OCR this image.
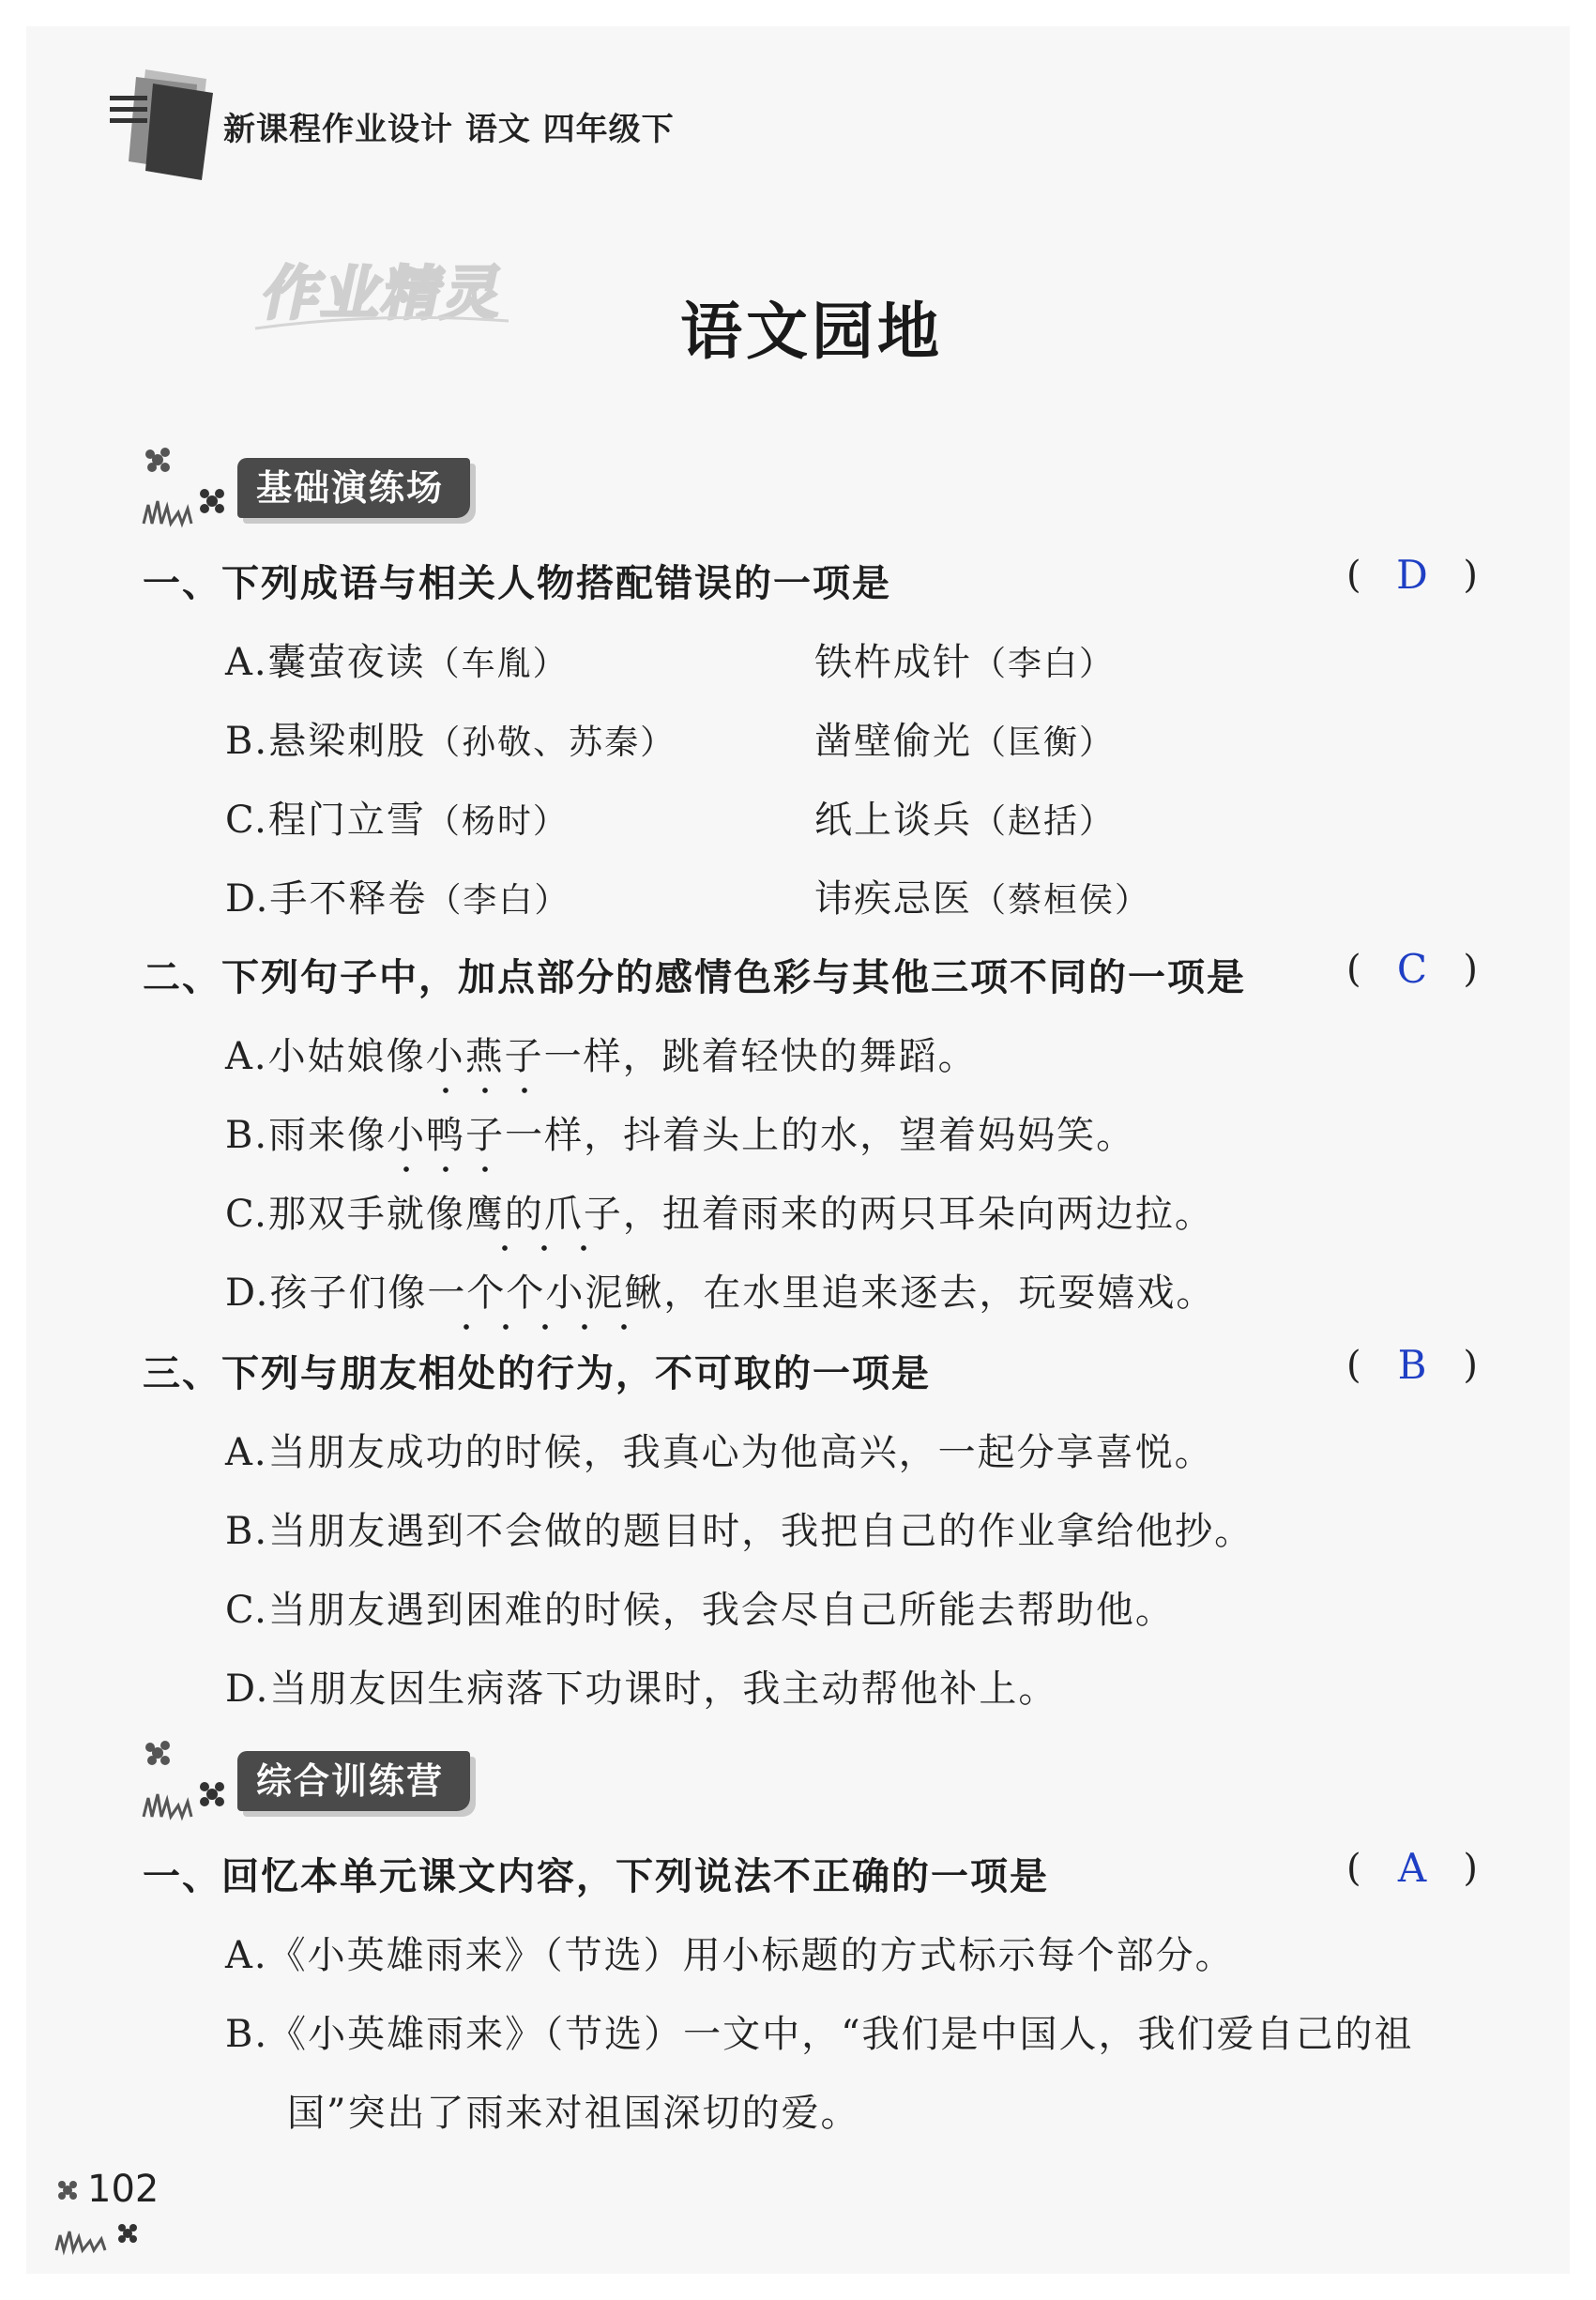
新课程作业设计 语文 四年级下
作业精灵
语文园地
基础演练场
一、下列成语与相关人物搭配错误的一项是	( D )
A.囊萤夜读（车胤）	铁杵成针（李白）
B.悬梁刺股（孙敬、苏秦）	凿壁偷光（匡衡）
C.程门立雪（杨时）	纸上谈兵（赵括）
D.手不释卷（李白）	讳疾忌医（蔡桓侯）
二、下列句子中，加点部分的感情色彩与其他三项不同的一项是	( C )
A.小姑娘像小燕子一样，跳着轻快的舞蹈。
B.雨来像小鸭子一样，抖着头上的水，望着妈妈笑。
C.那双手就像鹰的爪子，扭着雨来的两只耳朵向两边拉。
D.孩子们像一个个小泥鳅，在水里追来逐去，玩耍嬉戏。
三、下列与朋友相处的行为，不可取的一项是	( B )
A.当朋友成功的时候，我真心为他高兴，一起分享喜悦。
B.当朋友遇到不会做的题目时，我把自己的作业拿给他抄。
C.当朋友遇到困难的时候，我会尽自己所能去帮助他。
D.当朋友因生病落下功课时，我主动帮他补上。
综合训练营
一、回忆本单元课文内容，下列说法不正确的一项是	( A )
A.《小英雄雨来》（节选）用小标题的方式标示每个部分。
B.《小英雄雨来》（节选）一文中，“我们是中国人，我们爱自己的祖
国”突出了雨来对祖国深切的爱。
102
